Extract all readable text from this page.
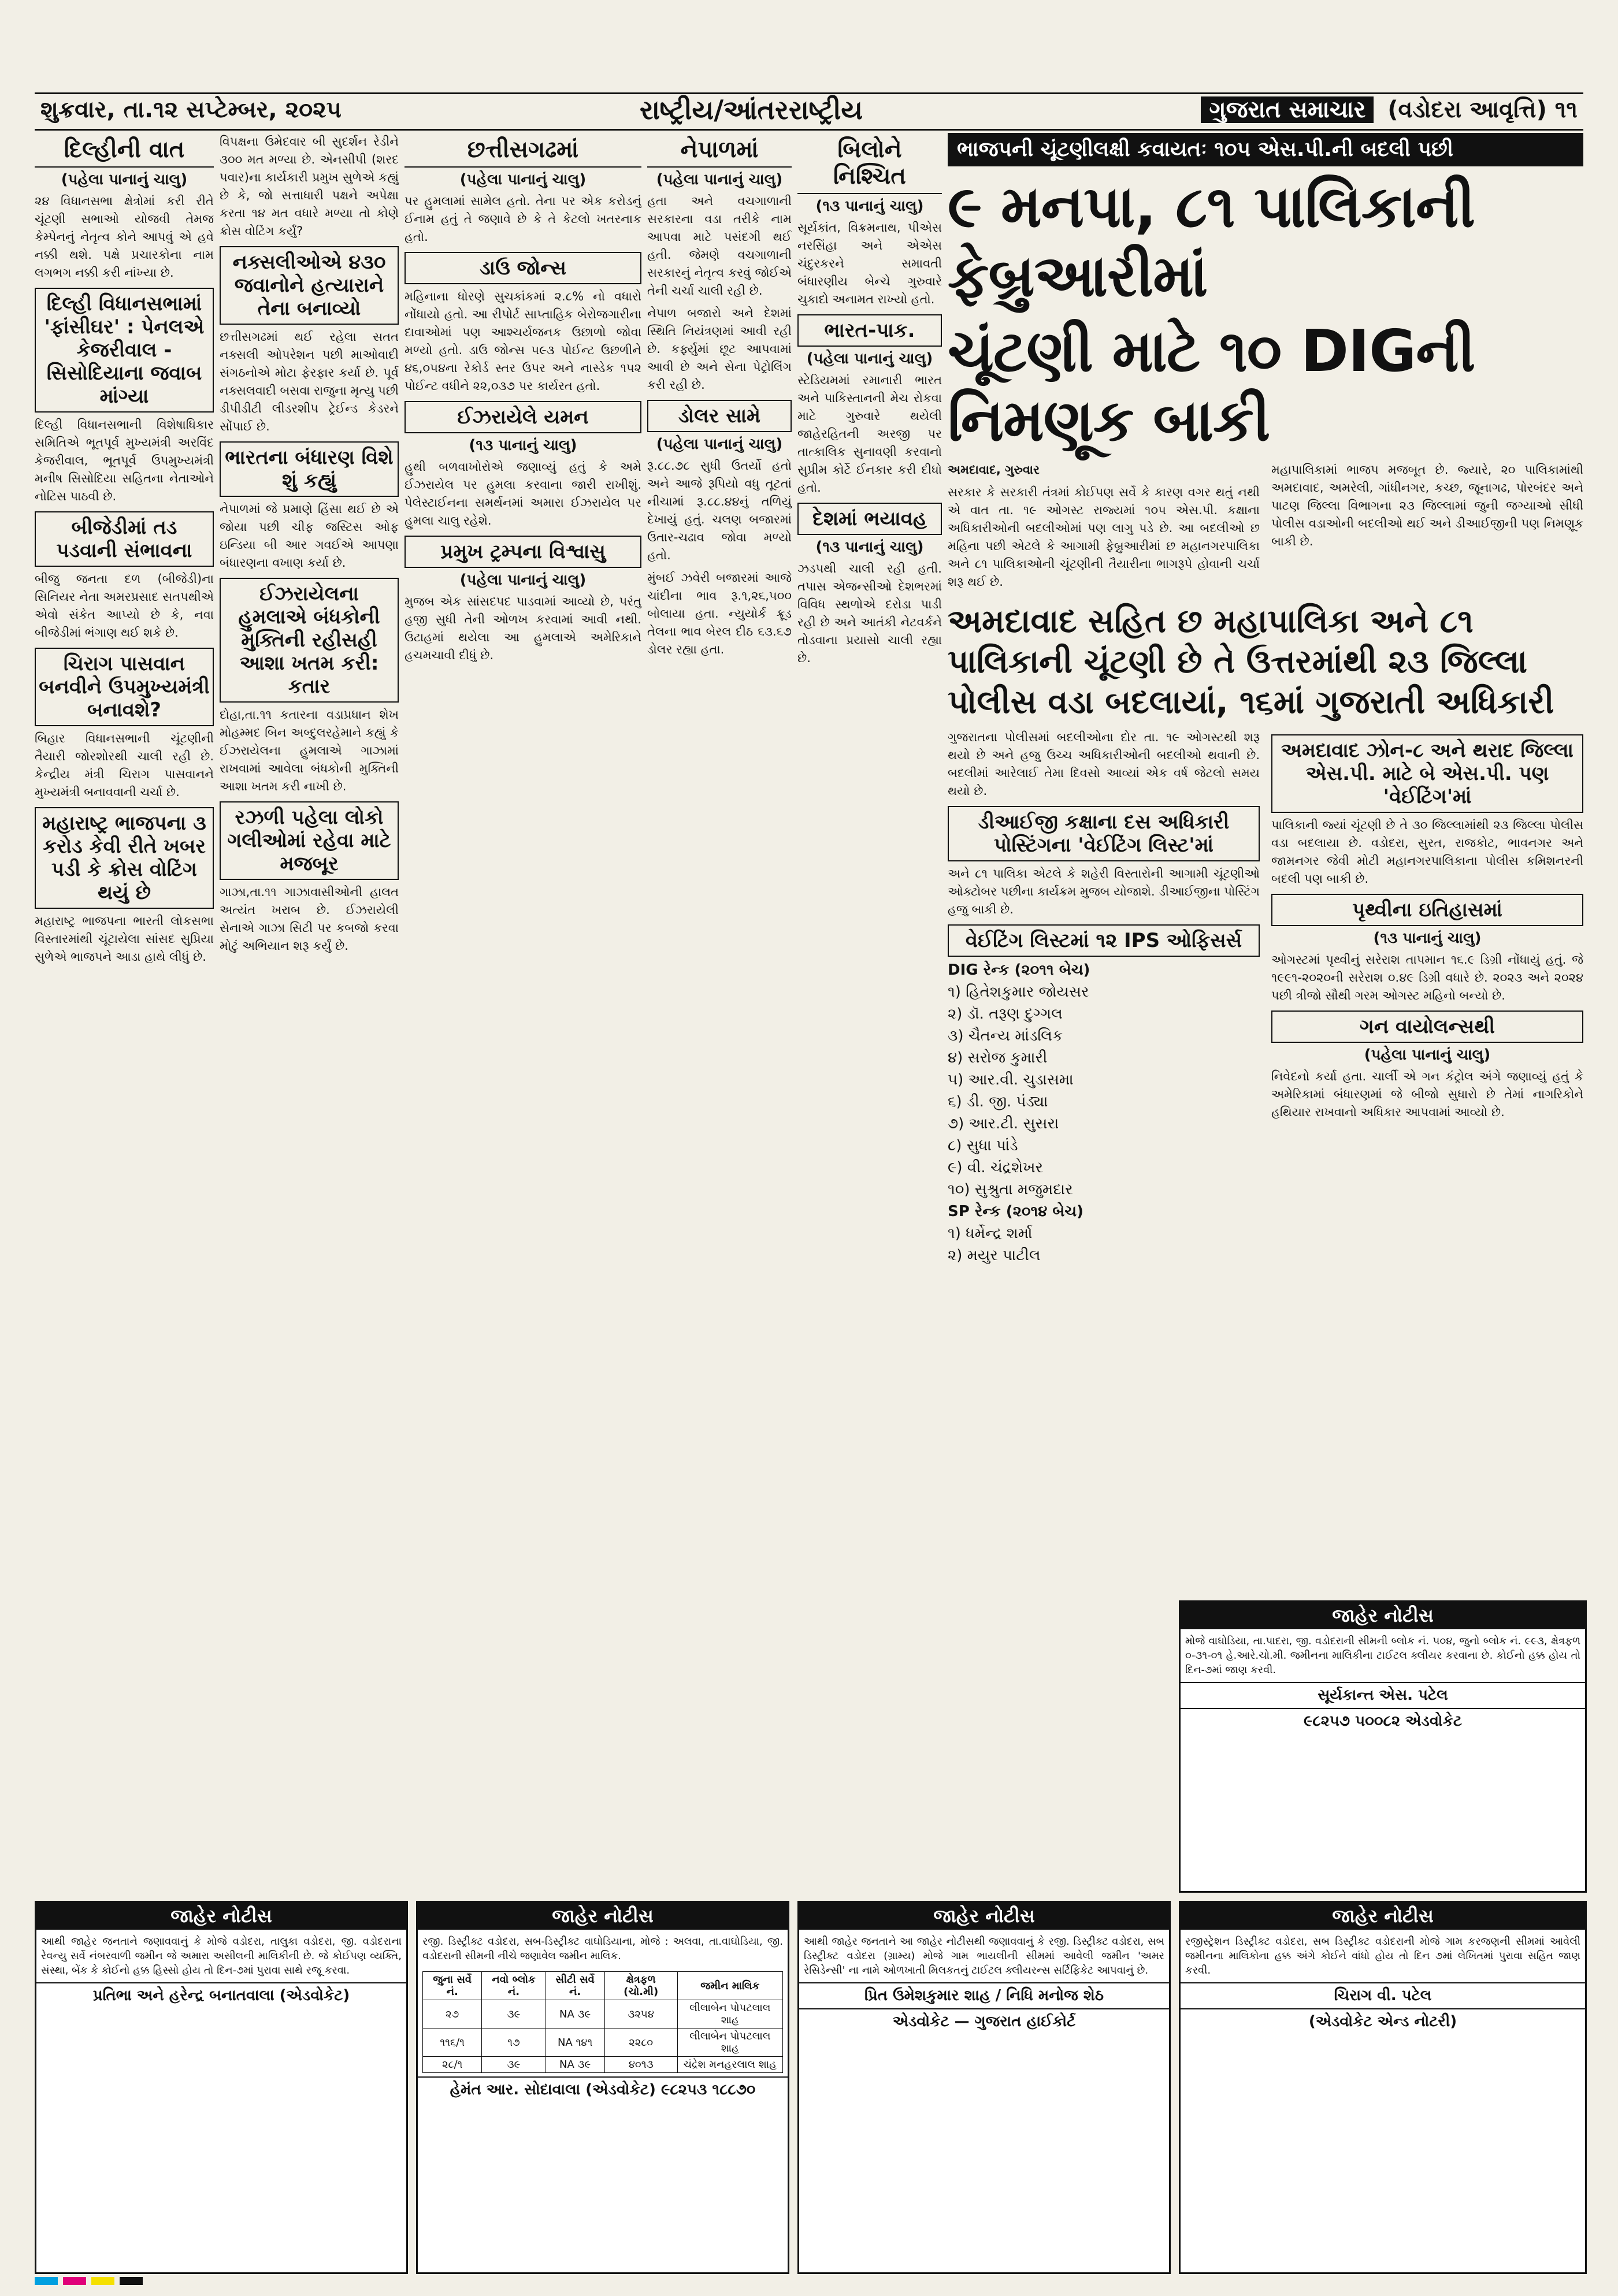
શુક્રવાર, તા.૧૨ સપ્ટેમ્બર, ૨૦૨૫	રાષ્ટ્રીય/આંતરરાષ્ટ્રીય	ગુજરાત સમાચાર (વડોદરા આવૃત્તિ) ૧૧
દિલ્હીની વાત
(પહેલા પાનાનું ચાલુ)

૨૪ વિધાનસભા ક્ષેત્રોમાં કરી રીતે ચૂંટણી સભાઓ યોજવી તેમજ કેમ્પેનનું નેતૃત્વ કોને આપવું એ હવે નક્કી થશે. પક્ષે પ્રચારકોના નામ લગભગ નક્કી કરી નાંખ્યા છે.

દિલ્હી વિધાનસભામાં 'ફાંસીઘર' : પેનલએ કેજરીવાલ - સિસોદિયાના જવાબ માંગ્યા

દિલ્હી વિધાનસભાની વિશેષાધિકાર સમિતિએ ભૂતપૂર્વ મુખ્યમંત્રી અરવિંદ કેજરીવાલ, ભૂતપૂર્વ ઉપમુખ્યમંત્રી મનીષ સિસોદિયા સહિતના નેતાઓને નોટિસ પાઠવી છે.

બીજેડીમાં તડ પડવાની સંભાવના

બીજુ જનતા દળ (બીજેડી)ના સિનિયર નેતા અમરપ્રસાદ સતપથીએ એવો સંકેત આપ્યો છે કે, નવા બીજેડીમાં ભંગાણ થઈ શકે છે.

ચિરાગ પાસવાન બનવીને ઉપમુખ્યમંત્રી બનાવશે?

બિહાર વિધાનસભાની ચૂંટણીની તૈયારી જોરશોરથી ચાલી રહી છે. કેન્દ્રીય મંત્રી ચિરાગ પાસવાનને મુખ્યમંત્રી બનાવવાની ચર્ચા છે.

મહારાષ્ટ્ર ભાજપના ૩ કરોડ કેવી રીતે ખબર પડી કે ક્રોસ વોટિંગ થયું છે

મહારાષ્ટ્ર ભાજપના ભારતી લોકસભા વિસ્તારમાંથી ચૂંટાયેલા સાંસદ સુપ્રિયા સુળેએ ભાજપને આડા હાથે લીધું છે.

વિપક્ષના ઉમેદવાર બી સુદર્શન રેડીને ૩૦૦ મત મળ્યા છે. એનસીપી (શરદ પવાર)ના કાર્યકારી પ્રમુખ સુળેએ કહ્યું છે કે, જો સત્તાધારી પક્ષને અપેક્ષા કરતા ૧૪ મત વધારે મળ્યા તો કોણે ક્રોસ વોટિંગ કર્યું?

નક્સલીઓએ ૪૩૦ જવાનોને હત્યારાને તેના બનાવ્યો

છત્તીસગઢમાં થઈ રહેલા સતત નક્સલી ઓપરેશન પછી માઓવાદી સંગઠનોએ મોટા ફેરફાર કર્યા છે. પૂર્વ નક્સલવાદી બસવા રાજુના મૃત્યુ પછી ડીપીડીટી લીડરશીપ ટ્રેઈન્ડ કેડરને સોંપાઈ છે.

ભારતના બંધારણ વિશે શું કહ્યું

નેપાળમાં જે પ્રમાણે હિંસા થઈ છે એ જોયા પછી ચીફ જસ્ટિસ ઓફ ઇન્ડિયા બી આર ગવઈએ આપણા બંધારણના વખાણ કર્યા છે.

ઈઝરાયેલના હુમલાએ બંધકોની મુક્તિની રહીસહી આશા ખતમ કરી: કતાર

દોહા,તા.૧૧ કતારના વડાપ્રધાન શેખ મોહમ્મદ બિન અબ્દુલરહેમાને કહ્યું કે ઈઝરાયેલના હુમલાએ ગાઝામાં રાખવામાં આવેલા બંધકોની મુક્તિની આશા ખતમ કરી નાખી છે.

રઝળી પહેલા લોકો ગલીઓમાં રહેવા માટે મજબૂર

ગાઝા,તા.૧૧ ગાઝાવાસીઓની હાલત અત્યંત ખરાબ છે. ઈઝરાયેલી સેનાએ ગાઝા સિટી પર કબજો કરવા મોટું અભિયાન શરૂ કર્યું છે.

છત્તીસગઢમાં
(પહેલા પાનાનું ચાલુ)

પર હુમલામાં સામેલ હતો. તેના પર એક કરોડનું ઈનામ હતું તે જણાવે છે કે તે કેટલો ખતરનાક હતો.

ડાઉ જોન્સ

મહિનાના ધોરણે સુચકાંકમાં ૨.૮% નો વધારો નોંધાયો હતો. આ રીપોર્ટ સાપ્તાહિક બેરોજગારીના દાવાઓમાં પણ આશ્ચર્યજનક ઉછાળો જોવા મળ્યો હતો. ડાઉ જોન્સ ૫૯૩ પોઈન્ટ ઉછળીને ૪૬,૦૫૪ના રેકોર્ડ સ્તર ઉપર અને નાસ્ડેક ૧૫૨ પોઈન્ટ વધીને ૨૨,૦૩૭ પર કાર્યરત હતો.

ઈઝરાયેલે યમન
(૧૩ પાનાનું ચાલુ)

હુથી બળવાખોરોએ જણાવ્યું હતું કે અમે ઈઝરાયેલ પર હુમલા કરવાના જારી રાખીશું. પેલેસ્ટાઈનના સમર્થનમાં અમારા ઈઝરાયેલ પર હુમલા ચાલુ રહેશે.

પ્રમુખ ટ્રમ્પના વિશ્વાસુ
(પહેલા પાનાનું ચાલુ)

મુજબ એક સાંસદપદ પાડવામાં આવ્યો છે, પરંતુ હજી સુધી તેની ઓળખ કરવામાં આવી નથી. ઉટાહમાં થયેલા આ હુમલાએ અમેરિકાને હચમચાવી દીધું છે.

નેપાળમાં
(પહેલા પાનાનું ચાલુ)

હતા અને વચગાળાની સરકારના વડા તરીકે નામ આપવા માટે પસંદગી થઈ હતી. જેમણે વચગાળાની સરકારનું નેતૃત્વ કરવું જોઈએ તેની ચર્ચા ચાલી રહી છે.

નેપાળ બજારો અને દેશમાં સ્થિતિ નિયંત્રણમાં આવી રહી છે. કર્ફ્યુમાં છૂટ આપવામાં આવી છે અને સેના પેટ્રોલિંગ કરી રહી છે.

ડોલર સામે
(પહેલા પાનાનું ચાલુ)

રૂ.૮૮.૭૮ સુધી ઉતર્યો હતો અને આજે રૂપિયો વધુ તૂટતાં નીચામાં રૂ.૮૮.૪૪નું તળિયું દેખાયું હતું. ચલણ બજારમાં ઉતાર-ચઢાવ જોવા મળ્યો હતો.

મુંબઈ ઝવેરી બજારમાં આજે ચાંદીના ભાવ રૂ.૧,૨૬,૫૦૦ બોલાયા હતા. ન્યુયોર્ક ક્રૂડ તેલના ભાવ બેરલ દીઠ ૬૩.૬૭ ડોલર રહ્યા હતા.

બિલોને નિશ્ચિત
(૧૩ પાનાનું ચાલુ)

સૂર્યકાંત, વિક્રમનાથ, પીએસ નરસિંહા અને એએસ ચંદુરકરને સમાવતી બંધારણીય બેન્ચે ગુરુવારે ચુકાદો અનામત રાખ્યો હતો.

ભારત-પાક.
(પહેલા પાનાનું ચાલુ)

સ્ટેડિયમમાં રમાનારી ભારત અને પાકિસ્તાનની મેચ રોકવા માટે ગુરુવારે થયેલી જાહેરહિતની અરજી પર તાત્કાલિક સુનાવણી કરવાનો સુપ્રીમ કોર્ટે ઈનકાર કરી દીધો હતો.

દેશમાં ભયાવહ
(૧૩ પાનાનું ચાલુ)

ઝડપથી ચાલી રહી હતી. તપાસ એજન્સીઓ દેશભરમાં વિવિધ સ્થળોએ દરોડા પાડી રહી છે અને આતંકી નેટવર્કને તોડવાના પ્રયાસો ચાલી રહ્યા છે.

ભાજપની ચૂંટણીલક્ષી કવાયતઃ ૧૦૫ એસ.પી.ની બદલી પછી
૯ મનપા, ૮૧ પાલિકાની ફેબ્રુઆરીમાં
ચૂંટણી માટે ૧૦ DIGની નિમણૂક બાકી

અમદાવાદ, ગુરુવાર

સરકાર કે સરકારી તંત્રમાં કોઈપણ સર્વે કે કારણ વગર થતું નથી એ વાત તા. ૧૯ ઓગસ્ટ રાજ્યમાં ૧૦૫ એસ.પી. કક્ષાના અધિકારીઓની બદલીઓમાં પણ લાગુ પડે છે. આ બદલીઓ છ મહિના પછી એટલે કે આગામી ફેબ્રુઆરીમાં છ મહાનગરપાલિકા અને ૮૧ પાલિકાઓની ચૂંટણીની તૈયારીના ભાગરૂપે હોવાની ચર્ચા શરૂ થઈ છે.

મહાપાલિકામાં ભાજપ મજબૂત છે. જ્યારે, ૨૦ પાલિકામાંથી અમદાવાદ, અમરેલી, ગાંધીનગર, કચ્છ, જૂનાગઢ, પોરબંદર અને પાટણ જિલ્લા વિભાગના ૨૩ જિલ્લામાં જુની જગ્યાઓ સીધી પોલીસ વડાઓની બદલીઓ થઈ અને ડીઆઈજીની પણ નિમણૂક બાકી છે.

અમદાવાદ સહિત છ મહાપાલિકા અને ૮૧ પાલિકાની ચૂંટણી છે તે ઉત્તરમાંથી ૨૩ જિલ્લા પોલીસ વડા બદલાયાં, ૧૬માં ગુજરાતી અધિકારી

ગુજરાતના પોલીસમાં બદલીઓના દોર તા. ૧૯ ઓગસ્ટથી શરૂ થયો છે અને હજુ ઉચ્ચ અધિકારીઓની બદલીઓ થવાની છે. બદલીમાં આરેલાઈ તેમા દિવસો આવ્યાં એક વર્ષ જેટલો સમય થયો છે.

ડીઆઈજી કક્ષાના દસ અધિકારી પોસ્ટિંગના 'વેઈટિંગ લિસ્ટ'માં

અને ૮૧ પાલિકા એટલે કે શહેરી વિસ્તારોની આગામી ચૂંટણીઓ ઓક્ટોબર પછીના કાર્યક્રમ મુજબ યોજાશે. ડીઆઈજીના પોસ્ટિંગ હજુ બાકી છે.

વેઈટિંગ લિસ્ટમાં ૧૨ IPS ઓફિસર્સ
DIG રેન્ક (૨૦૧૧ બેચ)
૧) હિતેશકુમાર જોયસર
૨) ડૉ. તરૂણ દુગ્ગલ
૩) ચૈતન્ય માંડલિક
૪) સરોજ કુમારી
૫) આર.વી. ચુડાસમા
૬) ડી. જી. પંડ્યા
૭) આર.ટી. સુસરા
૮) સુધા પાંડે
૯) વી. ચંદ્રશેખર
૧૦) સુશ્રુતા મજુમદાર
SP રેન્ક (૨૦૧૪ બેચ)
૧) ધર્મેન્દ્ર શર્મા
૨) મયુર પાટીલ
અમદાવાદ ઝોન-૮ અને થરાદ જિલ્લા એસ.પી. માટે બે એસ.પી. પણ 'વેઈટિંગ'માં

પાલિકાની જ્યાં ચૂંટણી છે તે ૩૦ જિલ્લામાંથી ૨૩ જિલ્લા પોલીસ વડા બદલાયા છે. વડોદરા, સુરત, રાજકોટ, ભાવનગર અને જામનગર જેવી મોટી મહાનગરપાલિકાના પોલીસ કમિશનરની બદલી પણ બાકી છે.

પૃથ્વીના ઇતિહાસમાં
(૧૩ પાનાનું ચાલુ)

ઓગસ્ટમાં પૃથ્વીનું સરેરાશ તાપમાન ૧૬.૯ ડિગ્રી નોંધાયું હતું. જે ૧૯૯૧-૨૦૨૦ની સરેરાશ ૦.૪૯ ડિગ્રી વધારે છે. ૨૦૨૩ અને ૨૦૨૪ પછી ત્રીજો સૌથી ગરમ ઓગસ્ટ મહિનો બન્યો છે.

ગન વાયોલન્સથી
(પહેલા પાનાનું ચાલુ)

નિવેદનો કર્યા હતા. ચાર્લી એ ગન કંટ્રોલ અંગે જણાવ્યું હતું કે અમેરિકામાં બંધારણમાં જે બીજો સુધારો છે તેમાં નાગરિકોને હથિયાર રાખવાનો અધિકાર આપવામાં આવ્યો છે.

જાહેર નોટીસ
આથી જાહેર જનતાને જણાવવાનું કે મોજે વડોદરા, તાલુકા વડોદરા, જી. વડોદરાના રેવન્યુ સર્વે નંબરવાળી જમીન જે અમારા અસીલની માલિકીની છે. જે કોઈપણ વ્યક્તિ, સંસ્થા, બેંક કે કોઈનો હક્ક હિસ્સો હોય તો દિન-૭માં પુરાવા સાથે રજૂ કરવા.
પ્રતિભા અને હરેન્દ્ર બનાતવાલા (એડવોકેટ)
જાહેર નોટીસ
રજી. ડિસ્ટ્રીક્ટ વડોદરા, સબ-ડિસ્ટ્રીક્ટ વાઘોડિયાના, મોજે : અલવા, તા.વાઘોડિયા, જી. વડોદરાની સીમની નીચે જણાવેલ જમીન માલિક.
જુના સર્વે નં.	નવો બ્લોક નં.	સીટી સર્વે નં.	ક્ષેત્રફળ (ચો.મી)	જમીન માલિક
૨૭	૩૯	NA ૩૯	૩૨૫૪	લીલાબેન પોપટલાલ શાહ
૧૧૬/૧	૧૭	NA ૧૪૧	૨૨૮૦	લીલાબેન પોપટલાલ શાહ
૨૮/૧	૩૯	NA ૩૯	૪૦૧૩	ચંદ્રેશ મનહરલાલ શાહ
હેમંત આર. સોદાવાલા (એડવોકેટ) ૯૮૨૫૩ ૧૮૮૭૦
જાહેર નોટીસ
આથી જાહેર જનતાને આ જાહેર નોટીસથી જણાવવાનું કે રજી. ડિસ્ટ્રીક્ટ વડોદરા, સબ ડિસ્ટ્રીક્ટ વડોદરા (ગ્રામ્ય) મોજે ગામ ભાયલીની સીમમાં આવેલી જમીન 'અમર રેસિડેન્સી' ના નામે ઓળખાતી મિલકતનું ટાઈટલ ક્લીયરન્સ સર્ટિફિકેટ આપવાનું છે.
પ્રિત ઉમેશકુમાર શાહ / નિધિ મનોજ શેઠ
એડવોકેટ — ગુજરાત હાઈકોર્ટ
જાહેર નોટીસ
મોજે વાઘોડિયા, તા.પાદરા, જી. વડોદરાની સીમની બ્લોક નં. ૫૦૪, જુનો બ્લોક નં. ૯૯૩, ક્ષેત્રફળ ૦-૩૧-૦૧ હે.આરે.ચો.મી. જમીનના માલિકીના ટાઈટલ ક્લીયર કરવાના છે. કોઈનો હક્ક હોય તો દિન-૭માં જાણ કરવી.
સૂર્યકાન્ત એસ. પટેલ
૯૮૨૫૭ ૫૦૦૮૨ એડવોકેટ
જાહેર નોટીસ
રજીસ્ટ્રેશન ડિસ્ટ્રીક્ટ વડોદરા, સબ ડિસ્ટ્રીક્ટ વડોદરાની મોજે ગામ કરજણની સીમમાં આવેલી જમીનના માલિકોના હક્ક અંગે કોઈને વાંધો હોય તો દિન ૭માં લેખિતમાં પુરાવા સહિત જાણ કરવી.
ચિરાગ વી. પટેલ
(એડવોકેટ એન્ડ નોટરી)
